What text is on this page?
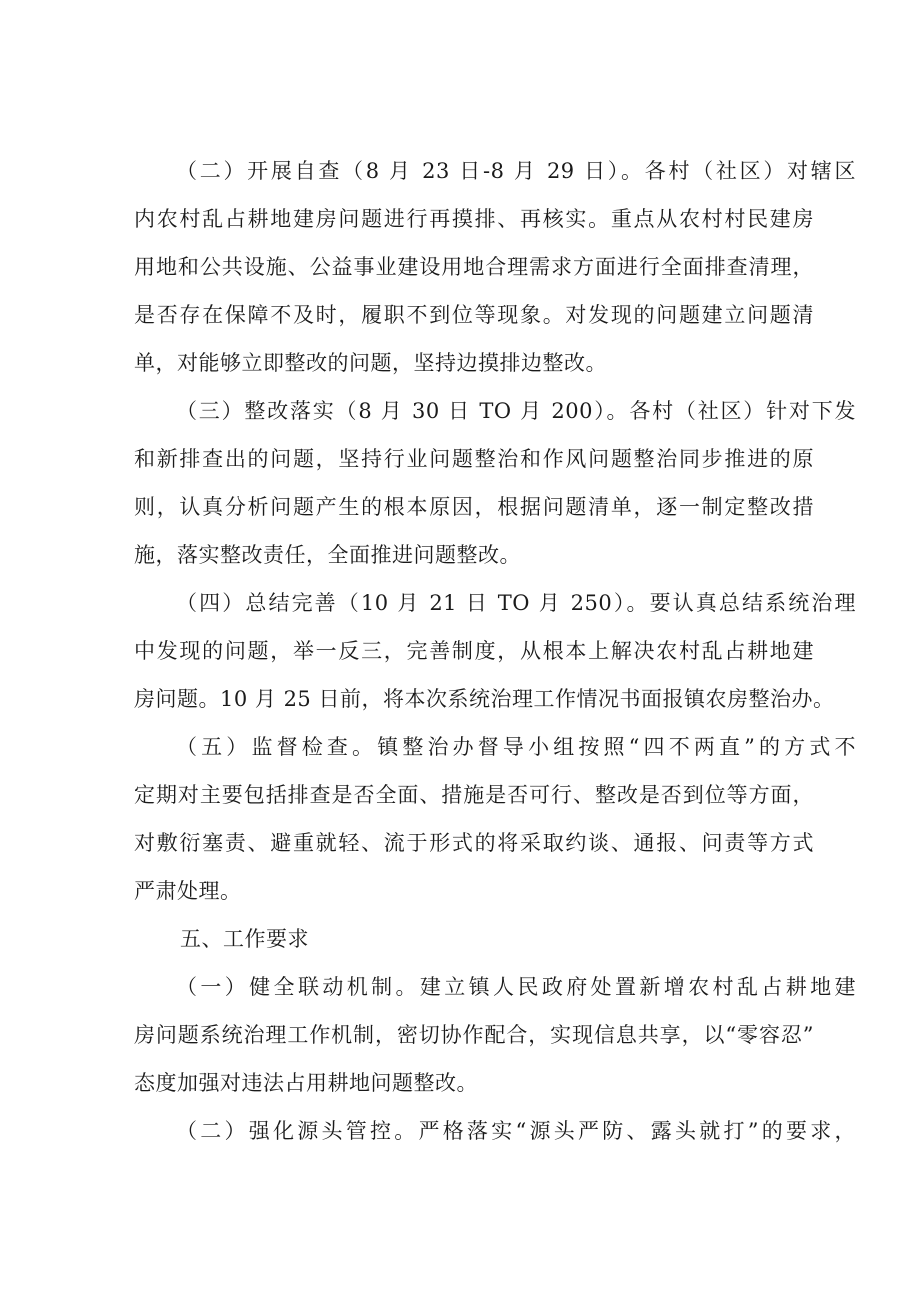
（二）开展自查（8 月 23 日-8 月 29 日）。各村（社区）对辖区
内农村乱占耕地建房问题进行再摸排、再核实。重点从农村村民建房
用地和公共设施、公益事业建设用地合理需求方面进行全面排查清理，
是否存在保障不及时，履职不到位等现象。对发现的问题建立问题清
单，对能够立即整改的问题，坚持边摸排边整改。
（三）整改落实（8 月 30 日 TO 月 200）。各村（社区）针对下发
和新排查出的问题，坚持行业问题整治和作风问题整治同步推进的原
则，认真分析问题产生的根本原因，根据问题清单，逐一制定整改措
施，落实整改责任，全面推进问题整改。
（四）总结完善（10 月 21 日 TO 月 250）。要认真总结系统治理
中发现的问题，举一反三，完善制度，从根本上解决农村乱占耕地建
房问题。10 月 25 日前，将本次系统治理工作情况书面报镇农房整治办。
（五）监督检查。镇整治办督导小组按照“四不两直”的方式不
定期对主要包括排查是否全面、措施是否可行、整改是否到位等方面，
对敷衍塞责、避重就轻、流于形式的将采取约谈、通报、问责等方式
严肃处理。
五、工作要求
（一）健全联动机制。建立镇人民政府处置新增农村乱占耕地建
房问题系统治理工作机制，密切协作配合，实现信息共享，以“零容忍”
态度加强对违法占用耕地问题整改。
（二）强化源头管控。严格落实“源头严防、露头就打”的要求，
